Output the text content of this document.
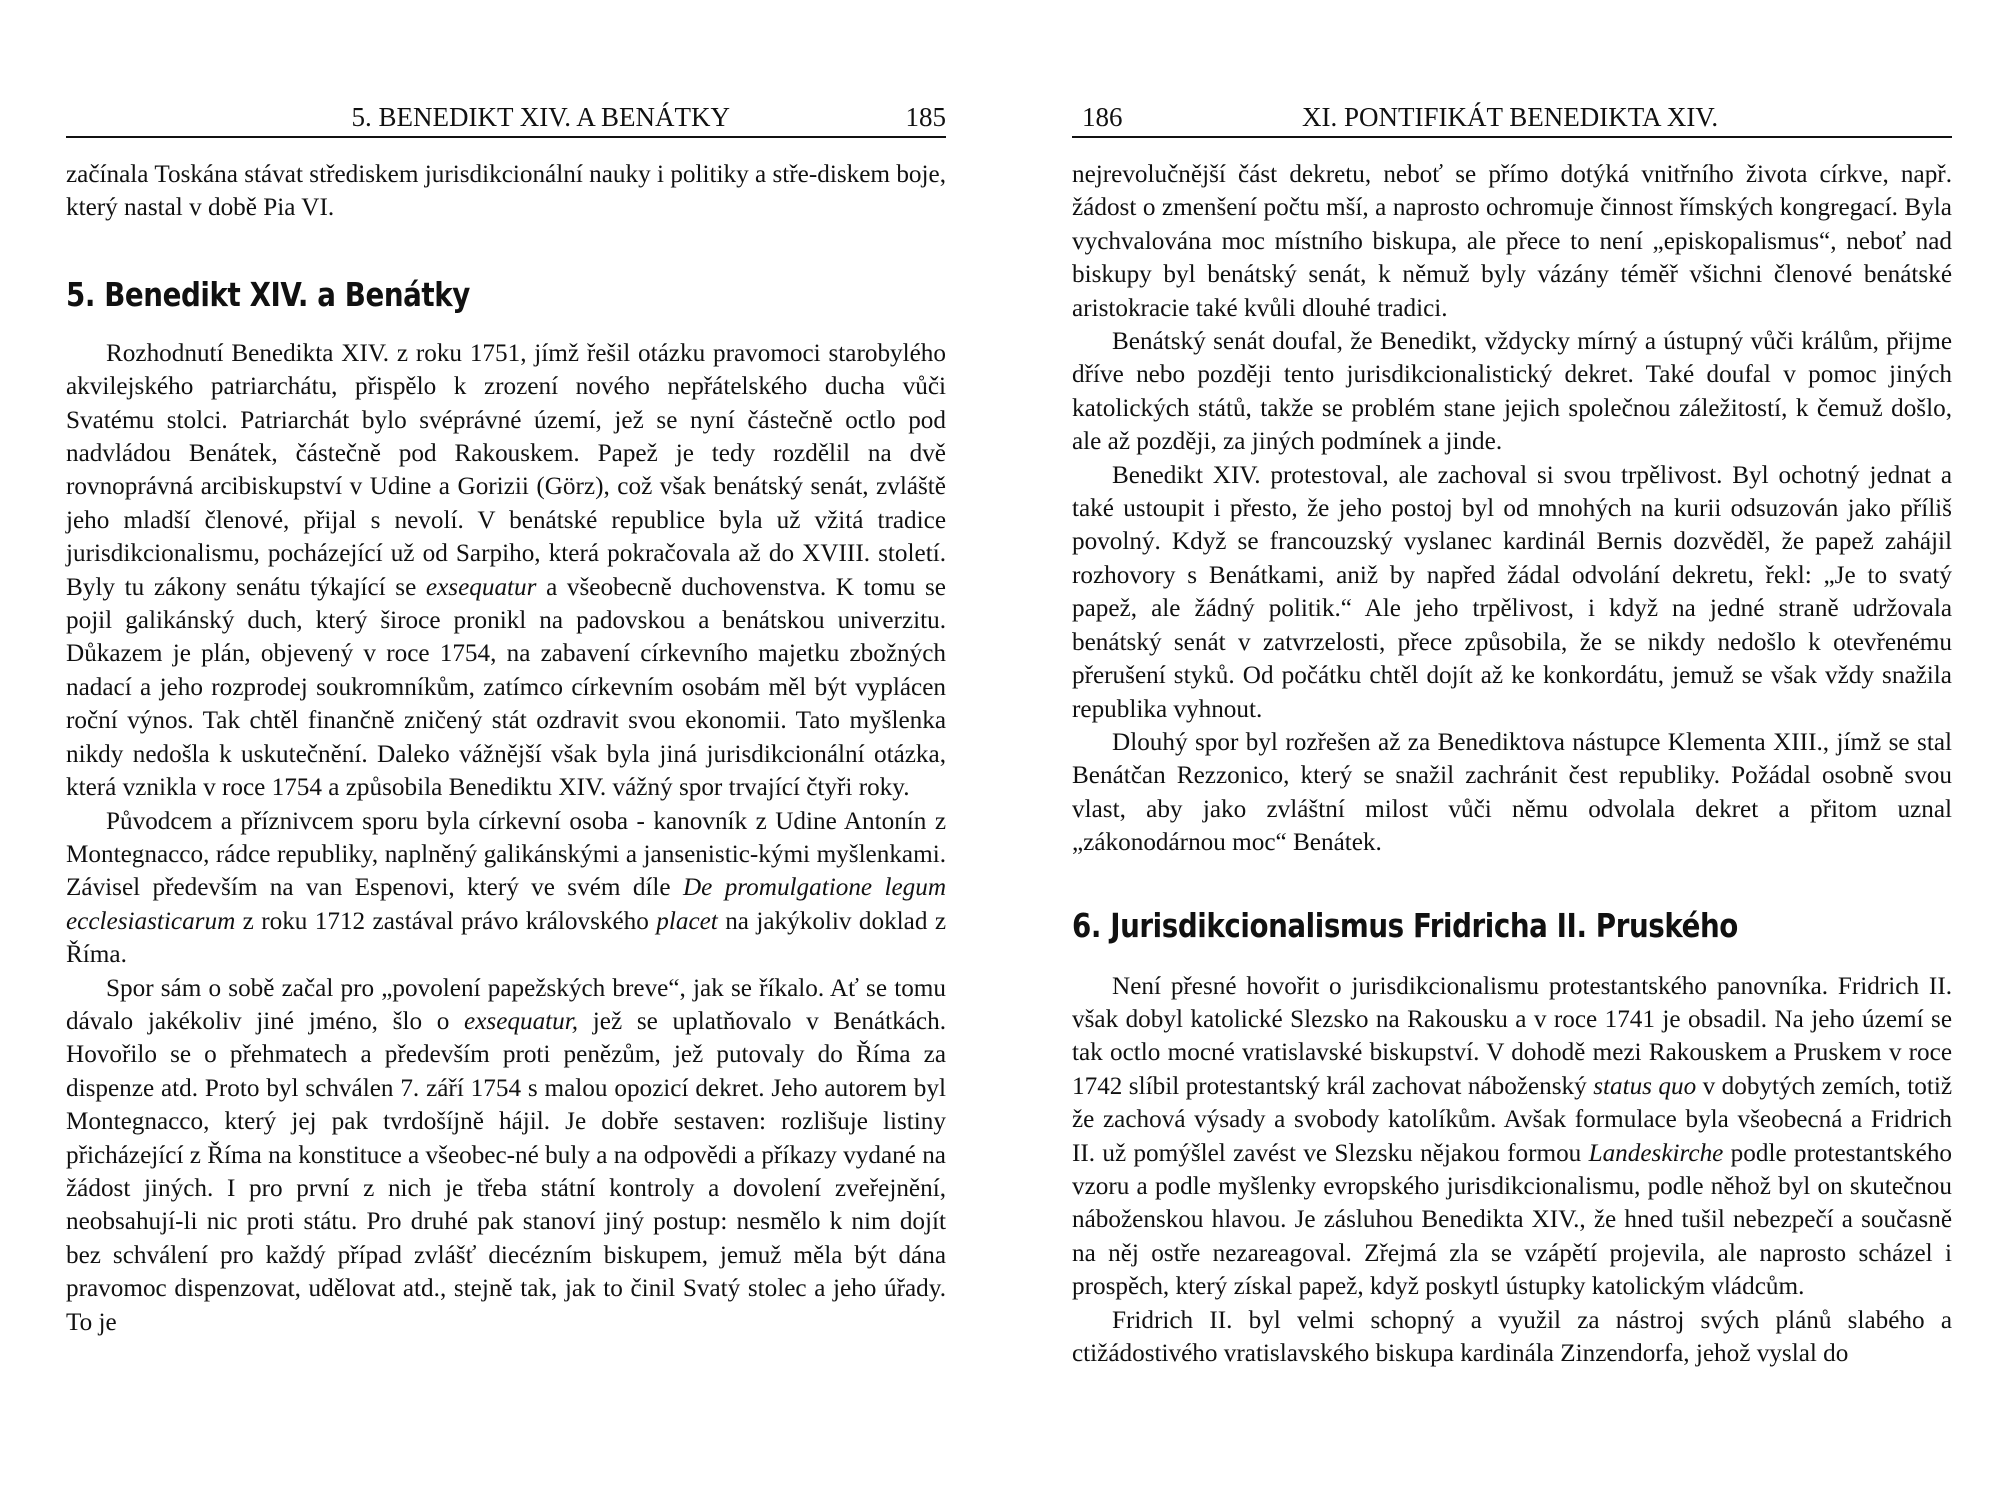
5. BENEDIKT XIV. A BENÁTKY	185

začínala Toskána stávat střediskem jurisdikcionální nauky i politiky a stře-diskem boje, který nastal v době Pia VI.

5. Benedikt XIV. a Benátky

Rozhodnutí Benedikta XIV. z roku 1751, jímž řešil otázku pravomoci starobylého akvilejského patriarchátu, přispělo k zrození nového nepřátelského ducha vůči Svatému stolci. Patriarchát bylo svéprávné území, jež se nyní částečně octlo pod nadvládou Benátek, částečně pod Rakouskem. Papež je tedy rozdělil na dvě rovnoprávná arcibiskupství v Udine a Gorizii (Görz), což však benátský senát, zvláště jeho mladší členové, přijal s nevolí. V benátské republice byla už vžitá tradice jurisdikcionalismu, pocházející už od Sarpiho, která pokračovala až do XVIII. století. Byly tu zákony senátu týkající se exsequatur a všeobecně duchovenstva. K tomu se pojil galikánský duch, který široce pronikl na padovskou a benátskou univerzitu. Důkazem je plán, objevený v roce 1754, na zabavení církevního majetku zbožných nadací a jeho rozprodej soukromníkům, zatímco církevním osobám měl být vyplácen roční výnos. Tak chtěl finančně zničený stát ozdravit svou ekonomii. Tato myšlenka nikdy nedošla k uskutečnění. Daleko vážnější však byla jiná jurisdikcionální otázka, která vznikla v roce 1754 a způsobila Benediktu XIV. vážný spor trvající čtyři roky.

Původcem a příznivcem sporu byla církevní osoba - kanovník z Udine Antonín z Montegnacco, rádce republiky, naplněný galikánskými a jansenistic-kými myšlenkami. Závisel především na van Espenovi, který ve svém díle De promulgatione legum ecclesiasticarum z roku 1712 zastával právo královského placet na jakýkoliv doklad z Říma.

Spor sám o sobě začal pro „povolení papežských breve“, jak se říkalo. Ať se tomu dávalo jakékoliv jiné jméno, šlo o exsequatur, jež se uplatňovalo v Benátkách. Hovořilo se o přehmatech a především proti penězům, jež putovaly do Říma za dispenze atd. Proto byl schválen 7. září 1754 s malou opozicí dekret. Jeho autorem byl Montegnacco, který jej pak tvrdošíjně hájil. Je dobře sestaven: rozlišuje listiny přicházející z Říma na konstituce a všeobec-né buly a na odpovědi a příkazy vydané na žádost jiných. I pro první z nich je třeba státní kontroly a dovolení zveřejnění, neobsahují-li nic proti státu. Pro druhé pak stanoví jiný postup: nesmělo k nim dojít bez schválení pro každý případ zvlášť diecézním biskupem, jemuž měla být dána pravomoc dispenzovat, udělovat atd., stejně tak, jak to činil Svatý stolec a jeho úřady. To je

186	XI. PONTIFIKÁT BENEDIKTA XIV.

nejrevolučnější část dekretu, neboť se přímo dotýká vnitřního života církve, např. žádost o zmenšení počtu mší, a naprosto ochromuje činnost římských kongregací. Byla vychvalována moc místního biskupa, ale přece to není „episkopalismus“, neboť nad biskupy byl benátský senát, k němuž byly vázány téměř všichni členové benátské aristokracie také kvůli dlouhé tradici.

Benátský senát doufal, že Benedikt, vždycky mírný a ústupný vůči králům, přijme dříve nebo později tento jurisdikcionalistický dekret. Také doufal v pomoc jiných katolických států, takže se problém stane jejich společnou záležitostí, k čemuž došlo, ale až později, za jiných podmínek a jinde.

Benedikt XIV. protestoval, ale zachoval si svou trpělivost. Byl ochotný jednat a také ustoupit i přesto, že jeho postoj byl od mnohých na kurii odsuzován jako příliš povolný. Když se francouzský vyslanec kardinál Bernis dozvěděl, že papež zahájil rozhovory s Benátkami, aniž by napřed žádal odvolání dekretu, řekl: „Je to svatý papež, ale žádný politik.“ Ale jeho trpělivost, i když na jedné straně udržovala benátský senát v zatvrzelosti, přece způsobila, že se nikdy nedošlo k otevřenému přerušení styků. Od počátku chtěl dojít až ke konkordátu, jemuž se však vždy snažila republika vyhnout.

Dlouhý spor byl rozřešen až za Benediktova nástupce Klementa XIII., jímž se stal Benátčan Rezzonico, který se snažil zachránit čest republiky. Požádal osobně svou vlast, aby jako zvláštní milost vůči němu odvolala dekret a přitom uznal „zákonodárnou moc“ Benátek.

6. Jurisdikcionalismus Fridricha II. Pruského

Není přesné hovořit o jurisdikcionalismu protestantského panovníka. Fridrich II. však dobyl katolické Slezsko na Rakousku a v roce 1741 je obsadil. Na jeho území se tak octlo mocné vratislavské biskupství. V dohodě mezi Rakouskem a Pruskem v roce 1742 slíbil protestantský král zachovat náboženský status quo v dobytých zemích, totiž že zachová výsady a svobody katolíkům. Avšak formulace byla všeobecná a Fridrich II. už pomýšlel zavést ve Slezsku nějakou formou Landeskirche podle protestantského vzoru a podle myšlenky evropského jurisdikcionalismu, podle něhož byl on skutečnou náboženskou hlavou. Je zásluhou Benedikta XIV., že hned tušil nebezpečí a současně na něj ostře nezareagoval. Zřejmá zla se vzápětí projevila, ale naprosto scházel i prospěch, který získal papež, když poskytl ústupky katolickým vládcům.

Fridrich II. byl velmi schopný a využil za nástroj svých plánů slabého a ctižádostivého vratislavského biskupa kardinála Zinzendorfa, jehož vyslal do
